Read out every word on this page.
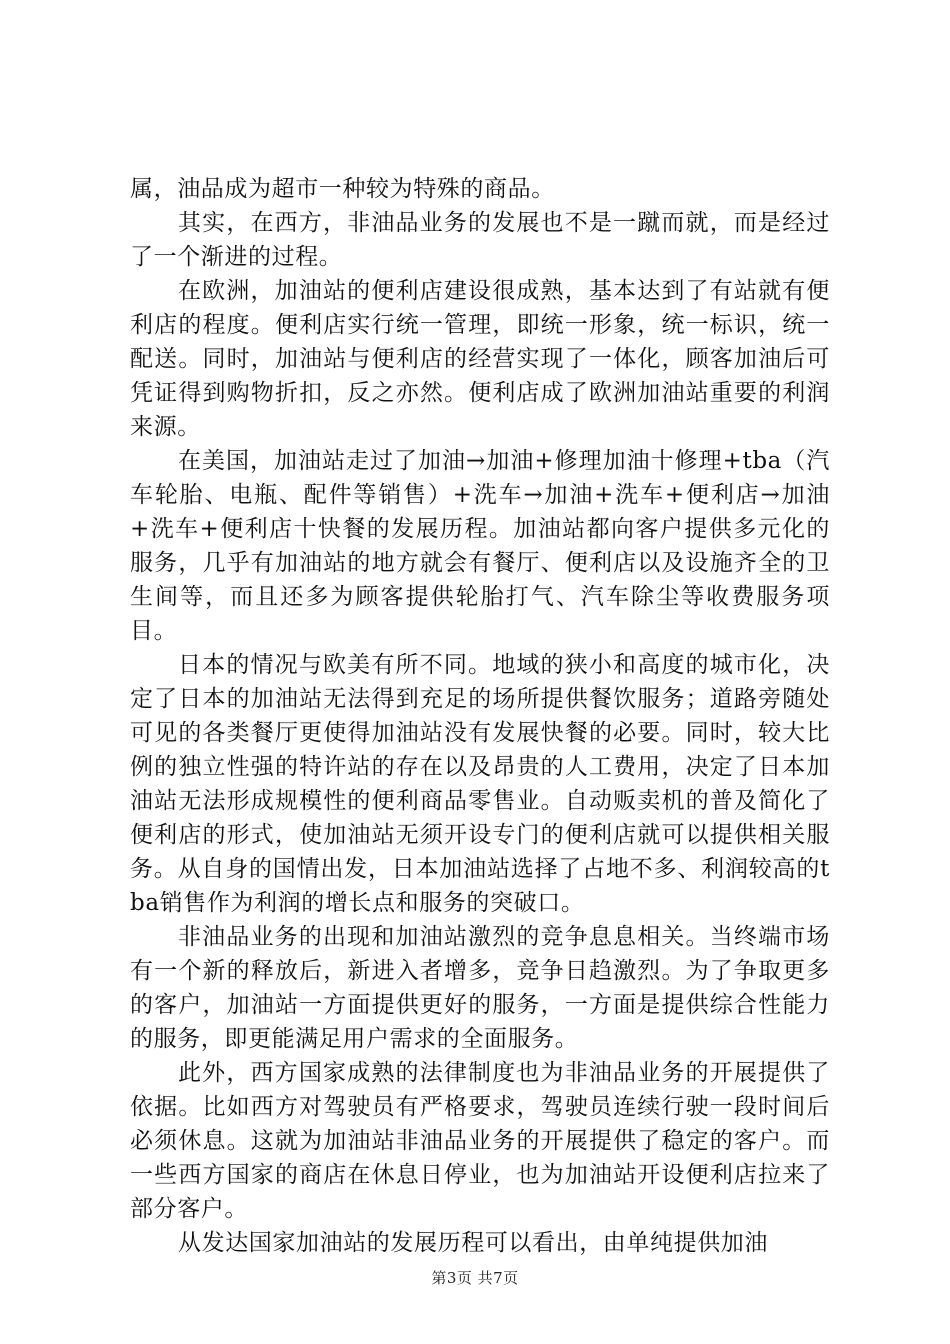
属，油品成为超市一种较为特殊的商品。

其实，在西方，非油品业务的发展也不是一蹴而就，而是经过了一个渐进的过程。

在欧洲，加油站的便利店建设很成熟，基本达到了有站就有便利店的程度。便利店实行统一管理，即统一形象，统一标识，统一配送。同时，加油站与便利店的经营实现了一体化，顾客加油后可凭证得到购物折扣，反之亦然。便利店成了欧洲加油站重要的利润来源。

在美国，加油站走过了加油→加油+修理加油十修理+tba（汽车轮胎、电瓶、配件等销售）+洗车→加油+洗车+便利店→加油+洗车+便利店十快餐的发展历程。加油站都向客户提供多元化的服务，几乎有加油站的地方就会有餐厅、便利店以及设施齐全的卫生间等，而且还多为顾客提供轮胎打气、汽车除尘等收费服务项目。

日本的情况与欧美有所不同。地域的狭小和高度的城市化，决定了日本的加油站无法得到充足的场所提供餐饮服务；道路旁随处可见的各类餐厅更使得加油站没有发展快餐的必要。同时，较大比例的独立性强的特许站的存在以及昂贵的人工费用，决定了日本加油站无法形成规模性的便利商品零售业。自动贩卖机的普及简化了便利店的形式，使加油站无须开设专门的便利店就可以提供相关服务。从自身的国情出发，日本加油站选择了占地不多、利润较高的tba销售作为利润的增长点和服务的突破口。

非油品业务的出现和加油站激烈的竞争息息相关。当终端市场有一个新的释放后，新进入者增多，竞争日趋激烈。为了争取更多的客户，加油站一方面提供更好的服务，一方面是提供综合性能力的服务，即更能满足用户需求的全面服务。

此外，西方国家成熟的法律制度也为非油品业务的开展提供了依据。比如西方对驾驶员有严格要求，驾驶员连续行驶一段时间后必须休息。这就为加油站非油品业务的开展提供了稳定的客户。而一些西方国家的商店在休息日停业，也为加油站开设便利店拉来了部分客户。

从发达国家加油站的发展历程可以看出，由单纯提供加油

第3页 共7页
